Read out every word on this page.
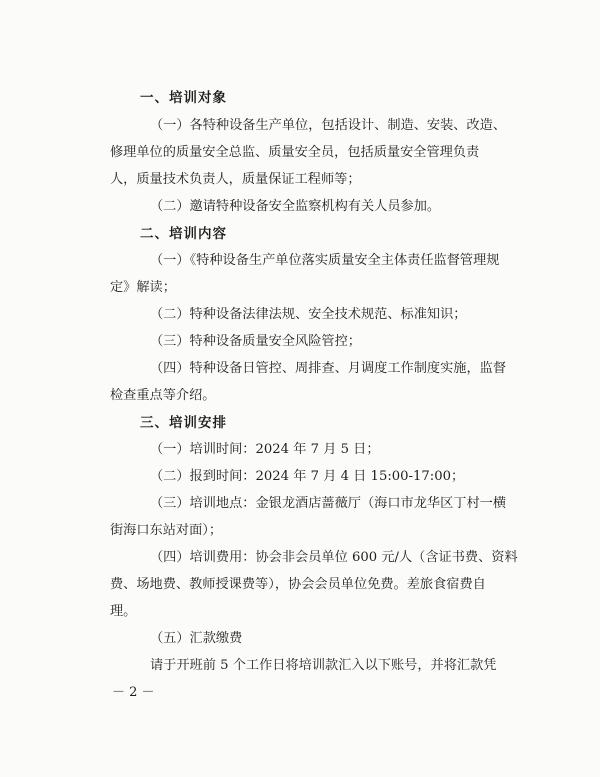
一、培训对象
（一）各特种设备生产单位，包括设计、制造、安装、改造、
修理单位的质量安全总监、质量安全员，包括质量安全管理负责
人，质量技术负责人，质量保证工程师等；
（二）邀请特种设备安全监察机构有关人员参加。
二、培训内容
（一）《特种设备生产单位落实质量安全主体责任监督管理规
定》解读；
（二）特种设备法律法规、安全技术规范、标准知识；
（三）特种设备质量安全风险管控；
（四）特种设备日管控、周排查、月调度工作制度实施，监督
检查重点等介绍。
三、培训安排
（一）培训时间：2024 年 7 月 5 日；
（二）报到时间：2024 年 7 月 4 日 15:00-17:00；
（三）培训地点：金银龙酒店蔷薇厅（海口市龙华区丁村一横
街海口东站对面）；
（四）培训费用：协会非会员单位 600 元/人（含证书费、资料
费、场地费、教师授课费等），协会会员单位免费。差旅食宿费自
理。
（五）汇款缴费
请于开班前 5 个工作日将培训款汇入以下账号，并将汇款凭
－ 2 －
